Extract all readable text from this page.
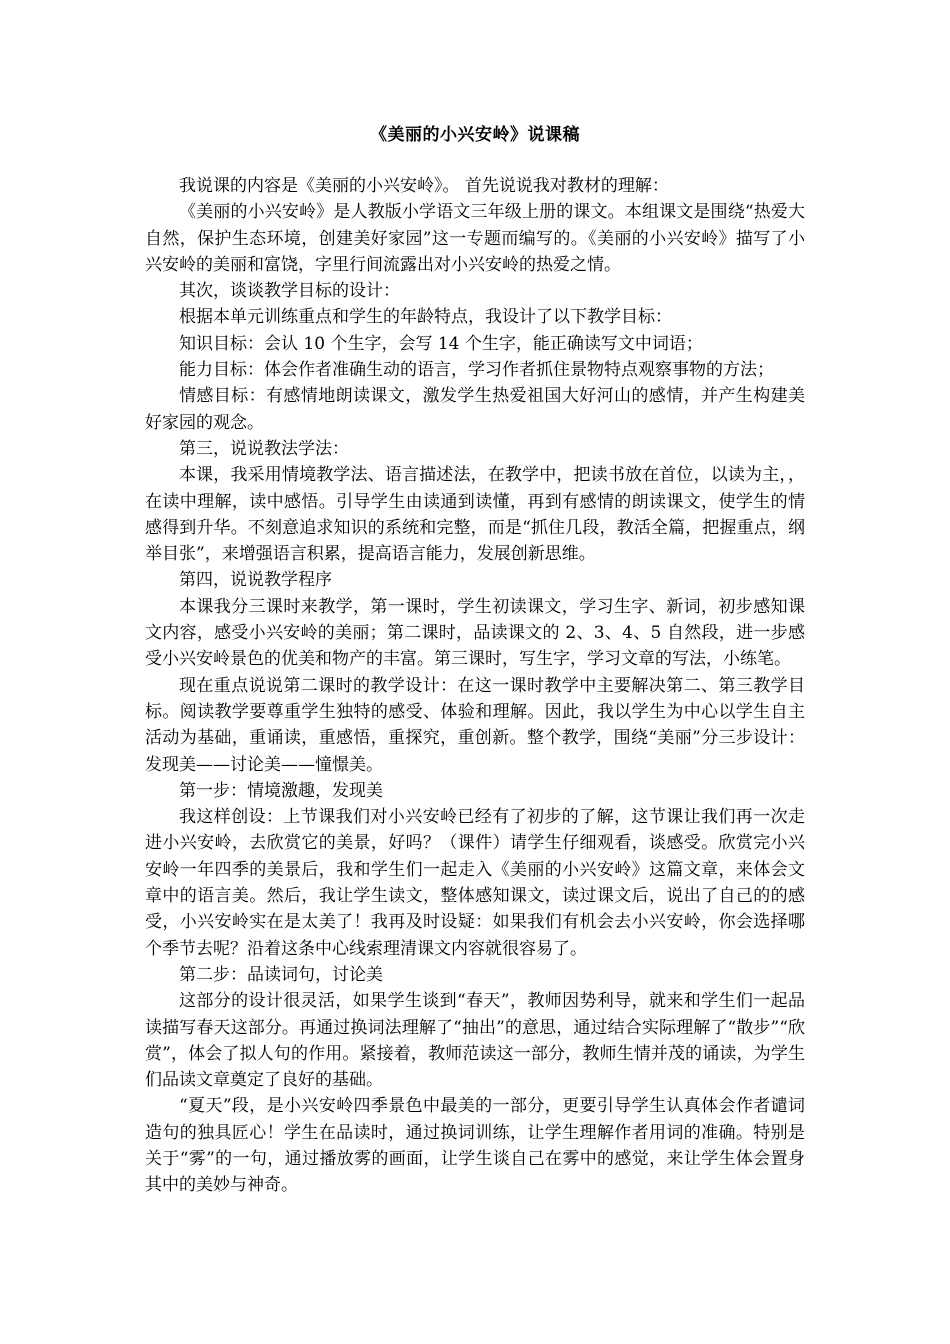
《美丽的小兴安岭》说课稿

我说课的内容是《美丽的小兴安岭》。 首先说说我对教材的理解：

《美丽的小兴安岭》是人教版小学语文三年级上册的课文。本组课文是围绕“热爱大自然，保护生态环境，创建美好家园”这一专题而编写的。《美丽的小兴安岭》描写了小兴安岭的美丽和富饶，字里行间流露出对小兴安岭的热爱之情。

其次，谈谈教学目标的设计：

根据本单元训练重点和学生的年龄特点，我设计了以下教学目标：

知识目标：会认 10 个生字，会写 14 个生字，能正确读写文中词语；

能力目标：体会作者准确生动的语言，学习作者抓住景物特点观察事物的方法；

情感目标：有感情地朗读课文，激发学生热爱祖国大好河山的感情，并产生构建美好家园的观念。

第三，说说教法学法：

本课，我采用情境教学法、语言描述法，在教学中，把读书放在首位，以读为主，，在读中理解，读中感悟。引导学生由读通到读懂，再到有感情的朗读课文，使学生的情感得到升华。不刻意追求知识的系统和完整，而是“抓住几段，教活全篇，把握重点，纲举目张”，来增强语言积累，提高语言能力，发展创新思维。

第四，说说教学程序

本课我分三课时来教学，第一课时，学生初读课文，学习生字、新词，初步感知课文内容，感受小兴安岭的美丽；第二课时，品读课文的 2、3、4、5 自然段，进一步感受小兴安岭景色的优美和物产的丰富。第三课时，写生字，学习文章的写法，小练笔。

现在重点说说第二课时的教学设计：在这一课时教学中主要解决第二、第三教学目标。阅读教学要尊重学生独特的感受、体验和理解。因此，我以学生为中心以学生自主活动为基础，重诵读，重感悟，重探究，重创新。整个教学，围绕“美丽”分三步设计：发现美——讨论美——憧憬美。

第一步：情境激趣，发现美

我这样创设：上节课我们对小兴安岭已经有了初步的了解，这节课让我们再一次走进小兴安岭，去欣赏它的美景，好吗？（课件）请学生仔细观看，谈感受。欣赏完小兴安岭一年四季的美景后，我和学生们一起走入《美丽的小兴安岭》这篇文章，来体会文章中的语言美。然后，我让学生读文，整体感知课文，读过课文后，说出了自己的的感受，小兴安岭实在是太美了！我再及时设疑：如果我们有机会去小兴安岭，你会选择哪个季节去呢？沿着这条中心线索理清课文内容就很容易了。

第二步：品读词句，讨论美

这部分的设计很灵活，如果学生谈到“春天”，教师因势利导，就来和学生们一起品读描写春天这部分。再通过换词法理解了“抽出”的意思，通过结合实际理解了“散步”“欣赏”，体会了拟人句的作用。紧接着，教师范读这一部分，教师生情并茂的诵读，为学生们品读文章奠定了良好的基础。

“夏天”段，是小兴安岭四季景色中最美的一部分，更要引导学生认真体会作者谴词造句的独具匠心！学生在品读时，通过换词训练，让学生理解作者用词的准确。特别是关于“雾”的一句，通过播放雾的画面，让学生谈自己在雾中的感觉，来让学生体会置身其中的美妙与神奇。
